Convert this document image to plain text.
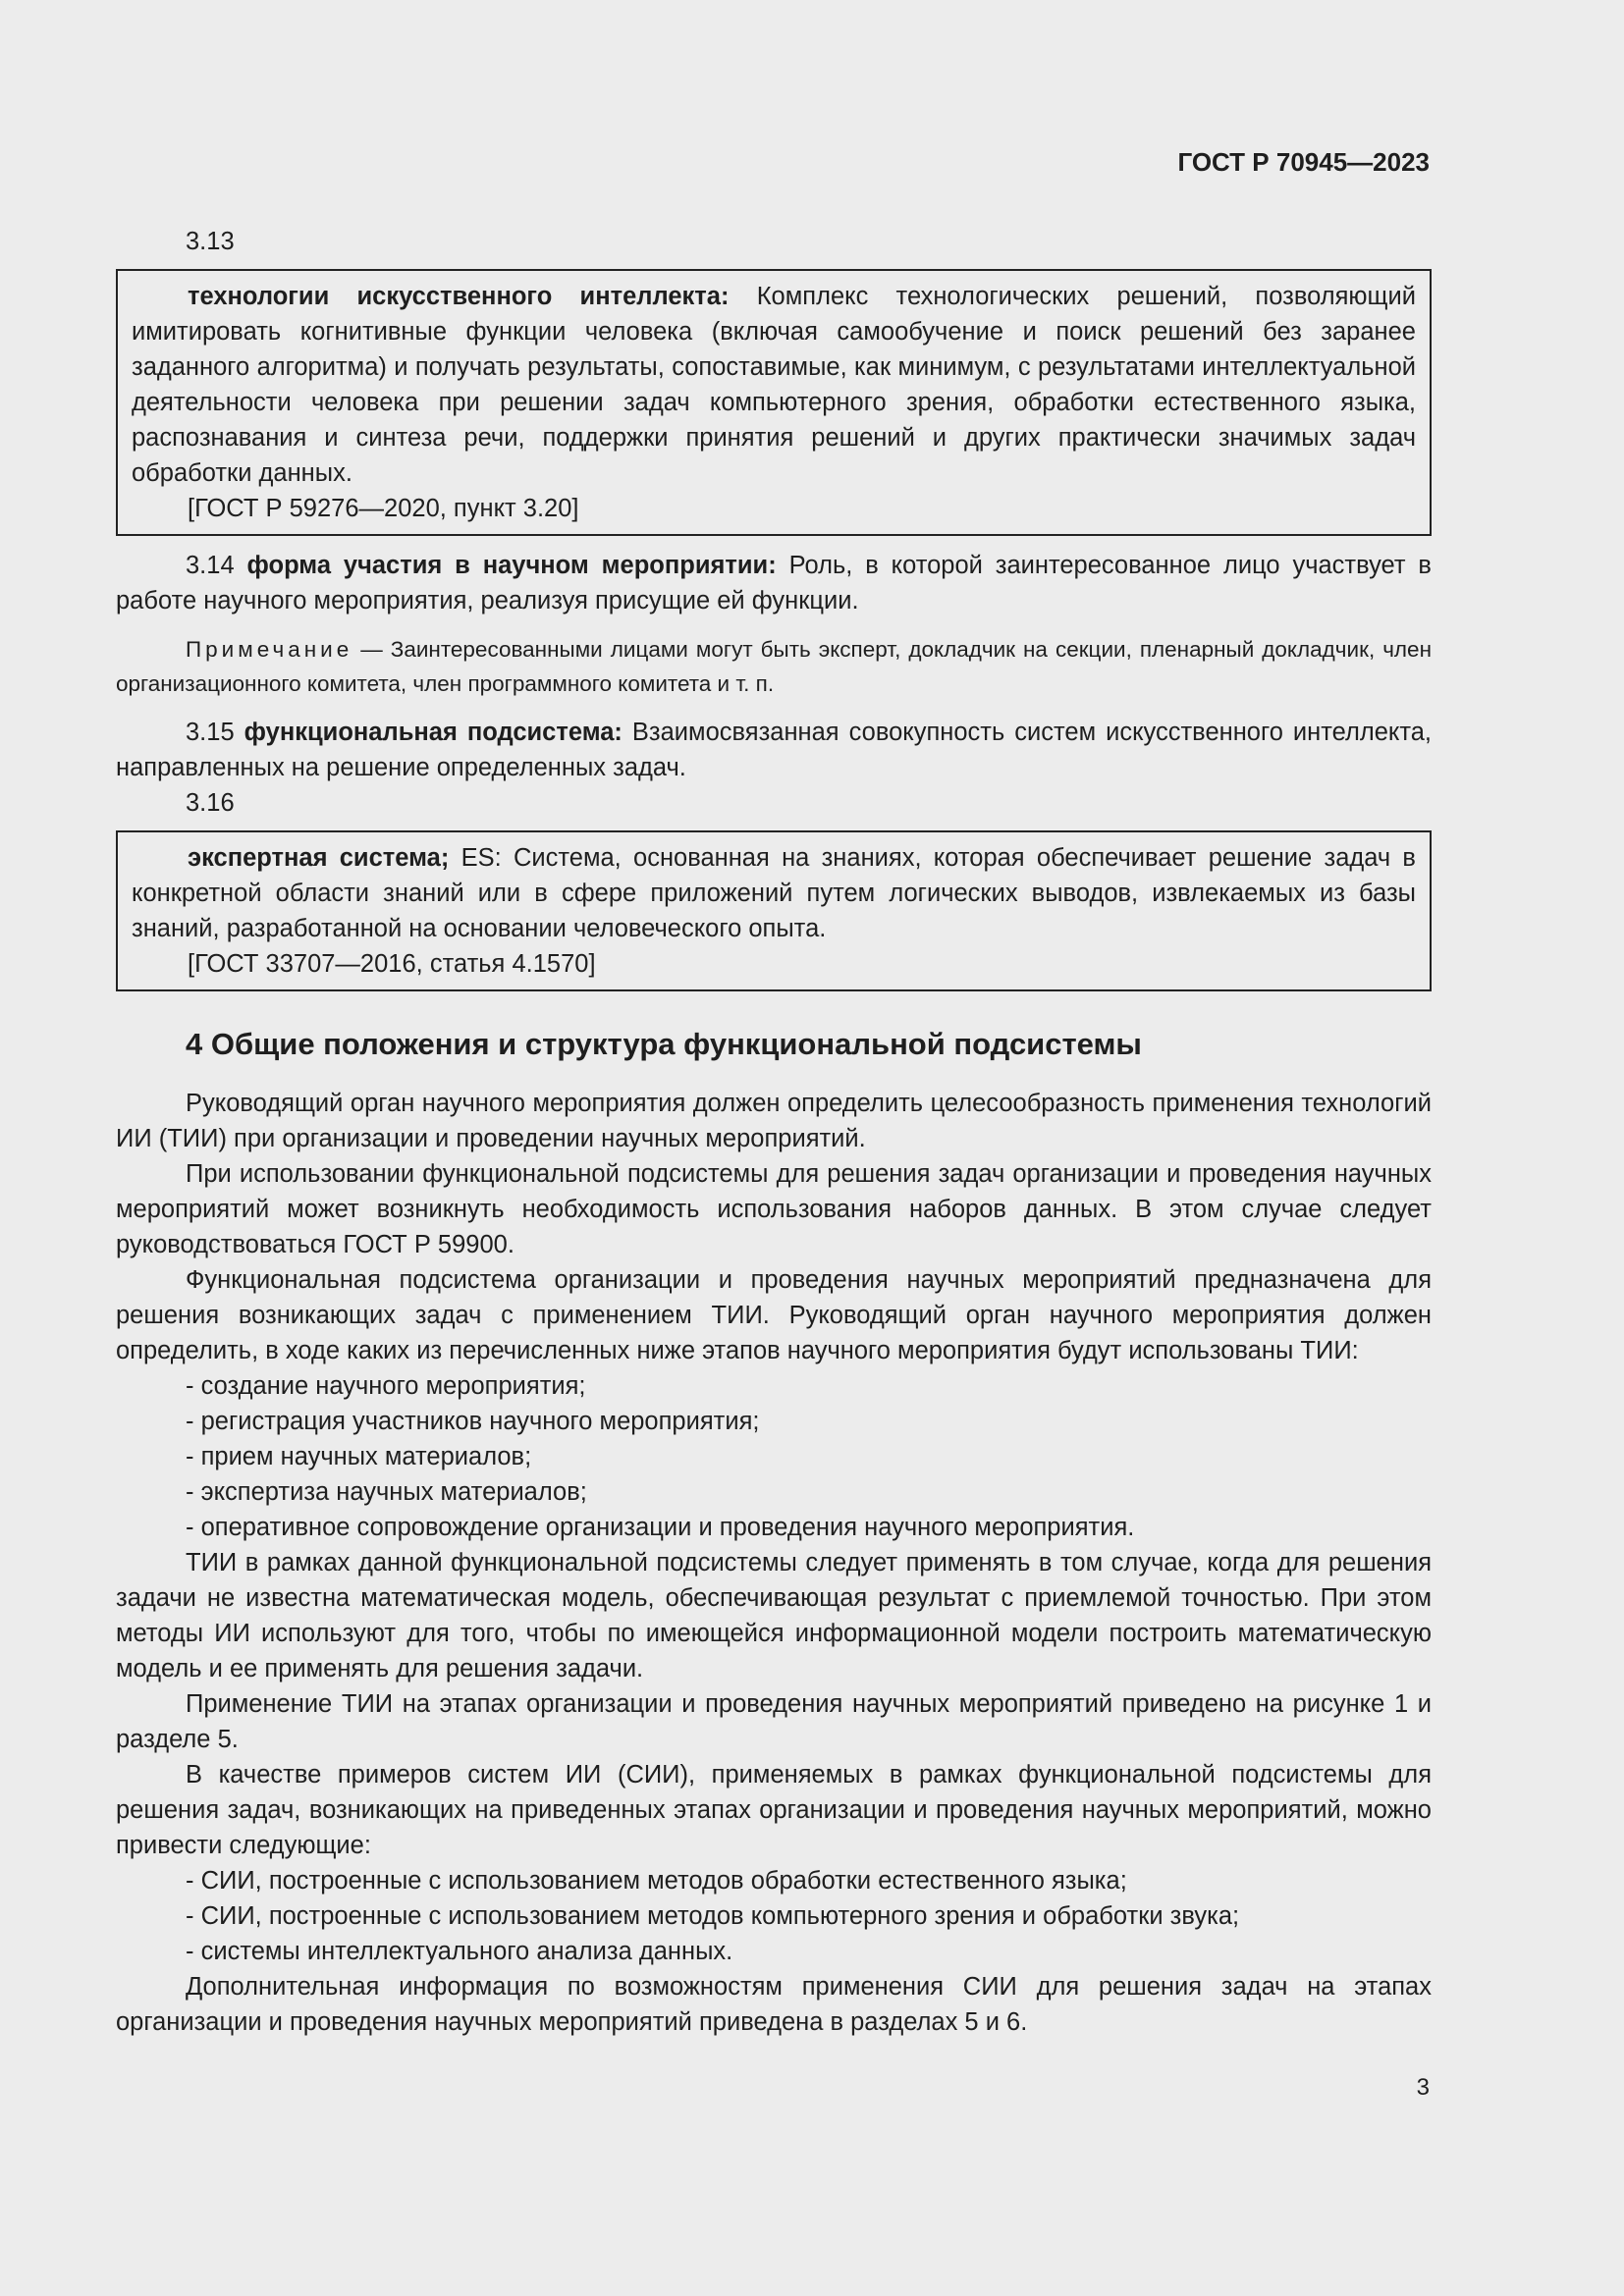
ГОСТ Р 70945—2023

3.13

технологии искусственного интеллекта: Комплекс технологических решений, позволяющий имитировать когнитивные функции человека (включая самообучение и поиск решений без заранее заданного алгоритма) и получать результаты, сопоставимые, как минимум, с результатами интеллектуальной деятельности человека при решении задач компьютерного зрения, обработки естественного языка, распознавания и синтеза речи, поддержки принятия решений и других практически значимых задач обработки данных.

[ГОСТ Р 59276—2020, пункт 3.20]

3.14 форма участия в научном мероприятии: Роль, в которой заинтересованное лицо участвует в работе научного мероприятия, реализуя присущие ей функции.

Примечание — Заинтересованными лицами могут быть эксперт, докладчик на секции, пленарный докладчик, член организационного комитета, член программного комитета и т. п.

3.15 функциональная подсистема: Взаимосвязанная совокупность систем искусственного интеллекта, направленных на решение определенных задач.

3.16

экспертная система; ES: Система, основанная на знаниях, которая обеспечивает решение задач в конкретной области знаний или в сфере приложений путем логических выводов, извлекаемых из базы знаний, разработанной на основании человеческого опыта.

[ГОСТ 33707—2016, статья 4.1570]

4 Общие положения и структура функциональной подсистемы

Руководящий орган научного мероприятия должен определить целесообразность применения технологий ИИ (ТИИ) при организации и проведении научных мероприятий.

При использовании функциональной подсистемы для решения задач организации и проведения научных мероприятий может возникнуть необходимость использования наборов данных. В этом случае следует руководствоваться ГОСТ Р 59900.

Функциональная подсистема организации и проведения научных мероприятий предназначена для решения возникающих задач с применением ТИИ. Руководящий орган научного мероприятия должен определить, в ходе каких из перечисленных ниже этапов научного мероприятия будут использованы ТИИ:

- создание научного мероприятия;
- регистрация участников научного мероприятия;
- прием научных материалов;
- экспертиза научных материалов;
- оперативное сопровождение организации и проведения научного мероприятия.

ТИИ в рамках данной функциональной подсистемы следует применять в том случае, когда для решения задачи не известна математическая модель, обеспечивающая результат с приемлемой точностью. При этом методы ИИ используют для того, чтобы по имеющейся информационной модели построить математическую модель и ее применять для решения задачи.

Применение ТИИ на этапах организации и проведения научных мероприятий приведено на рисунке 1 и разделе 5.

В качестве примеров систем ИИ (СИИ), применяемых в рамках функциональной подсистемы для решения задач, возникающих на приведенных этапах организации и проведения научных мероприятий, можно привести следующие:

- СИИ, построенные с использованием методов обработки естественного языка;
- СИИ, построенные с использованием методов компьютерного зрения и обработки звука;
- системы интеллектуального анализа данных.

Дополнительная информация по возможностям применения СИИ для решения задач на этапах организации и проведения научных мероприятий приведена в разделах 5 и 6.

3
